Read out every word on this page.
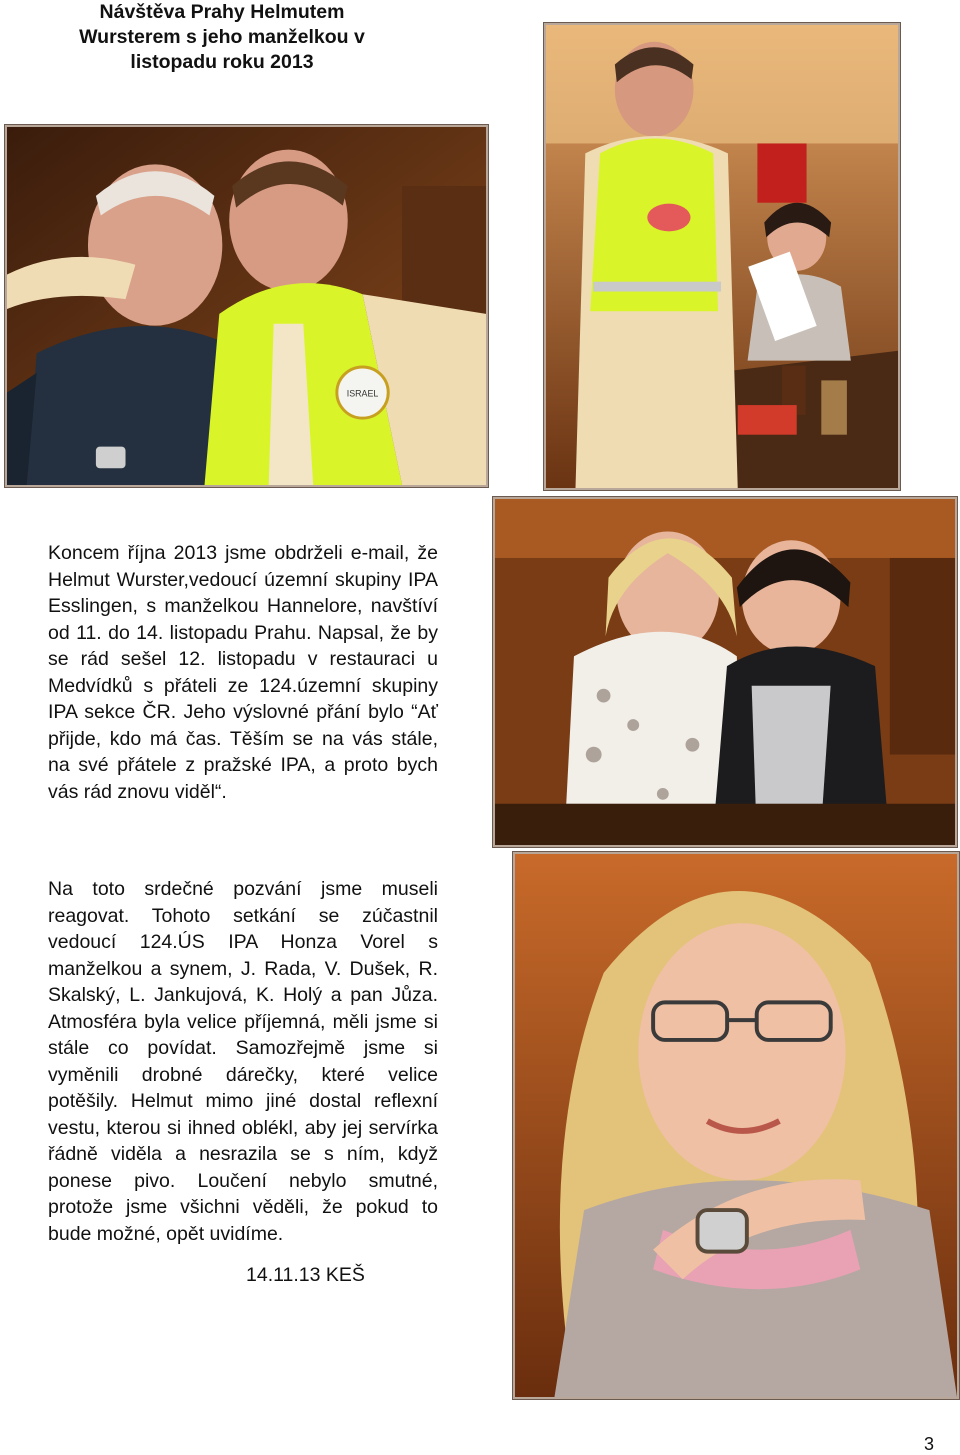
Návštěva Prahy Helmutem
Wursterem s jeho manželkou v
listopadu roku 2013
ISRAEL

Koncem října 2013 jsme obdrželi e-mail, že Helmut Wurster,vedoucí územní skupiny IPA Esslingen, s manželkou Hannelore, navštíví od 11. do 14. listopadu Prahu. Napsal, že by se rád sešel 12. listopadu v restauraci u Medvídků s přáteli ze 124.územní skupiny IPA sekce ČR. Jeho výslovné přání bylo “Ať přijde, kdo má čas. Těším se na vás stále, na své přátele z pražské IPA, a proto bych vás rád znovu viděl“.

Na toto srdečné pozvání jsme museli reagovat. Tohoto setkání se zúčastnil vedoucí 124.ÚS IPA Honza Vorel s manželkou a synem, J. Rada, V. Dušek, R. Skalský, L. Jankujová, K. Holý a pan Jůza. Atmosféra byla velice příjemná, měli jsme si stále co povídat. Samozřejmě jsme si vyměnili drobné dárečky, které velice potěšily. Helmut mimo jiné dostal reflexní vestu, kterou si ihned oblékl, aby jej servírka řádně viděla a nesrazila se s ním, když ponese pivo. Loučení nebylo smutné, protože jsme všichni věděli, že pokud to bude možné, opět uvidíme.

14.11.13 KEŠ
3
